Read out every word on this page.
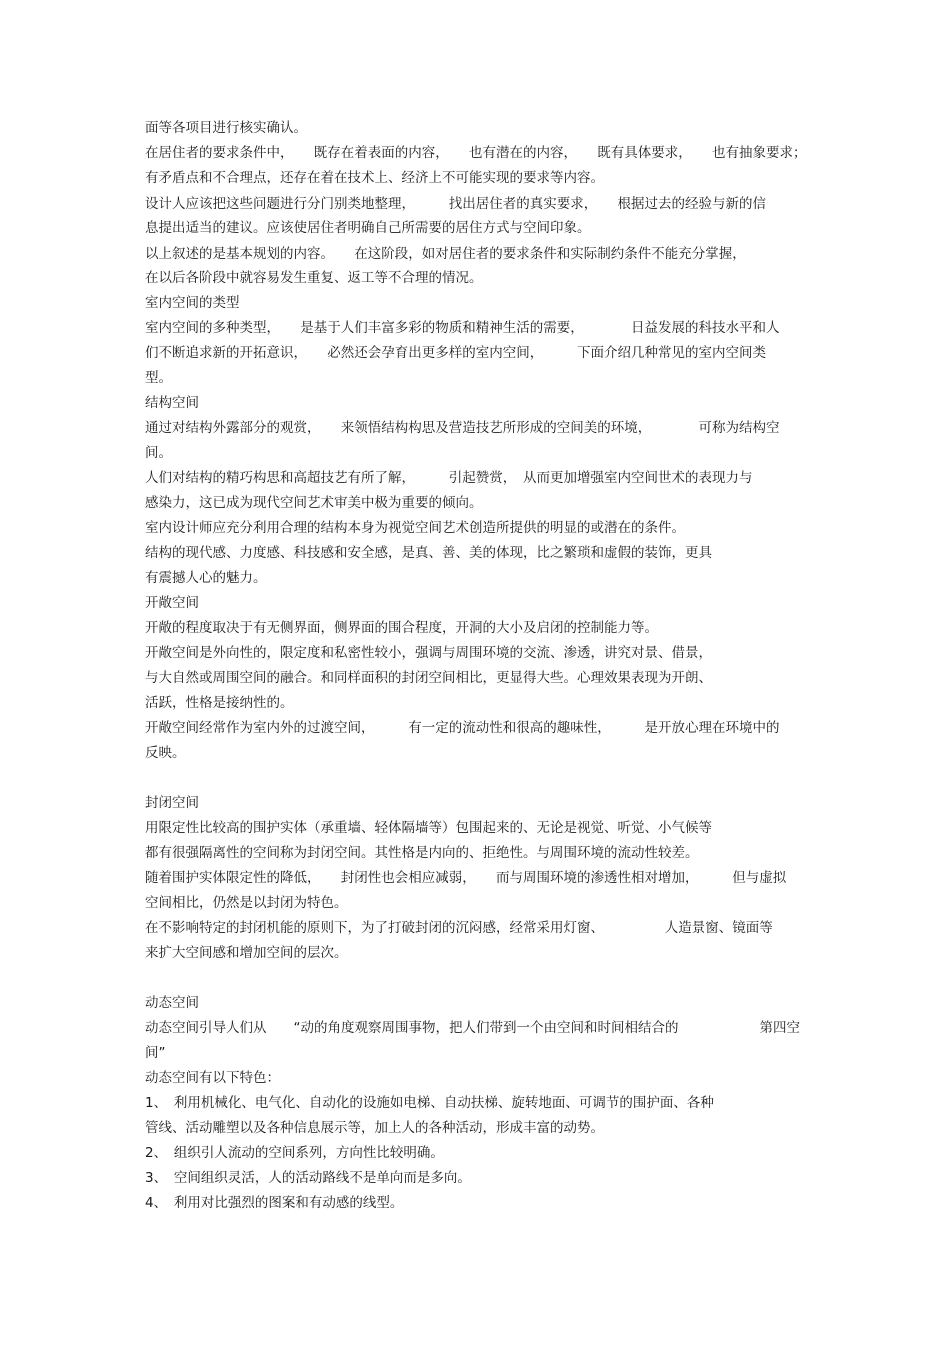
面等各项目进行核实确认。

在居住者的要求条件中，　　既存在着表面的内容，　　也有潜在的内容，　　既有具体要求，　　也有抽象要求；

有矛盾点和不合理点，还存在着在技术上、经济上不可能实现的要求等内容。

设计人应该把这些问题进行分门别类地整理，　　　找出居住者的真实要求，　　根据过去的经验与新的信

息提出适当的建议。应该使居住者明确自己所需要的居住方式与空间印象。

以上叙述的是基本规划的内容。　　在这阶段，如对居住者的要求条件和实际制约条件不能充分掌握，

在以后各阶段中就容易发生重复、返工等不合理的情况。

室内空间的类型

室内空间的多种类型，　　是基于人们丰富多彩的物质和精神生活的需要，　　　　日益发展的科技水平和人

们不断追求新的开拓意识，　　必然还会孕育出更多样的室内空间，　　　下面介绍几种常见的室内空间类

型。

结构空间

通过对结构外露部分的观赏，　　来领悟结构构思及营造技艺所形成的空间美的环境，　　　　可称为结构空

间。

人们对结构的精巧构思和高超技艺有所了解，　　　引起赞赏，　从而更加增强室内空间世术的表现力与

感染力，这已成为现代空间艺术审美中极为重要的倾向。

室内设计师应充分利用合理的结构本身为视觉空间艺术创造所提供的明显的或潜在的条件。

结构的现代感、力度感、科技感和安全感，是真、善、美的体现，比之繁琐和虚假的装饰，更具

有震撼人心的魅力。

开敞空间

开敞的程度取决于有无侧界面，侧界面的围合程度，开洞的大小及启闭的控制能力等。

开敞空间是外向性的，限定度和私密性较小，强调与周围环境的交流、渗透，讲究对景、借景，

与大自然或周围空间的融合。和同样面积的封闭空间相比，更显得大些。心理效果表现为开朗、

活跃，性格是接纳性的。

开敞空间经常作为室内外的过渡空间，　　　有一定的流动性和很高的趣味性，　　　是开放心理在环境中的

反映。

封闭空间

用限定性比较高的围护实体（承重墙、轻体隔墙等）包围起来的、无论是视觉、听觉、小气候等

都有很强隔离性的空间称为封闭空间。其性格是内向的、拒绝性。与周围环境的流动性较差。

随着围护实体限定性的降低，　　封闭性也会相应减弱，　　而与周围环境的渗透性相对增加，　　　但与虚拟

空间相比，仍然是以封闭为特色。

在不影响特定的封闭机能的原则下，为了打破封闭的沉闷感，经常采用灯窗、　　　　　人造景窗、镜面等

来扩大空间感和增加空间的层次。

动态空间

动态空间引导人们从　　“动的角度观察周围事物，把人们带到一个由空间和时间相结合的　　　　　　第四空

间”

动态空间有以下特色：

1、　利用机械化、电气化、自动化的设施如电梯、自动扶梯、旋转地面、可调节的围护面、各种

管线、活动雕塑以及各种信息展示等，加上人的各种活动，形成丰富的动势。

2、　组织引人流动的空间系列，方向性比较明确。

3、　空间组织灵活，人的活动路线不是单向而是多向。

4、　利用对比强烈的图案和有动感的线型。
